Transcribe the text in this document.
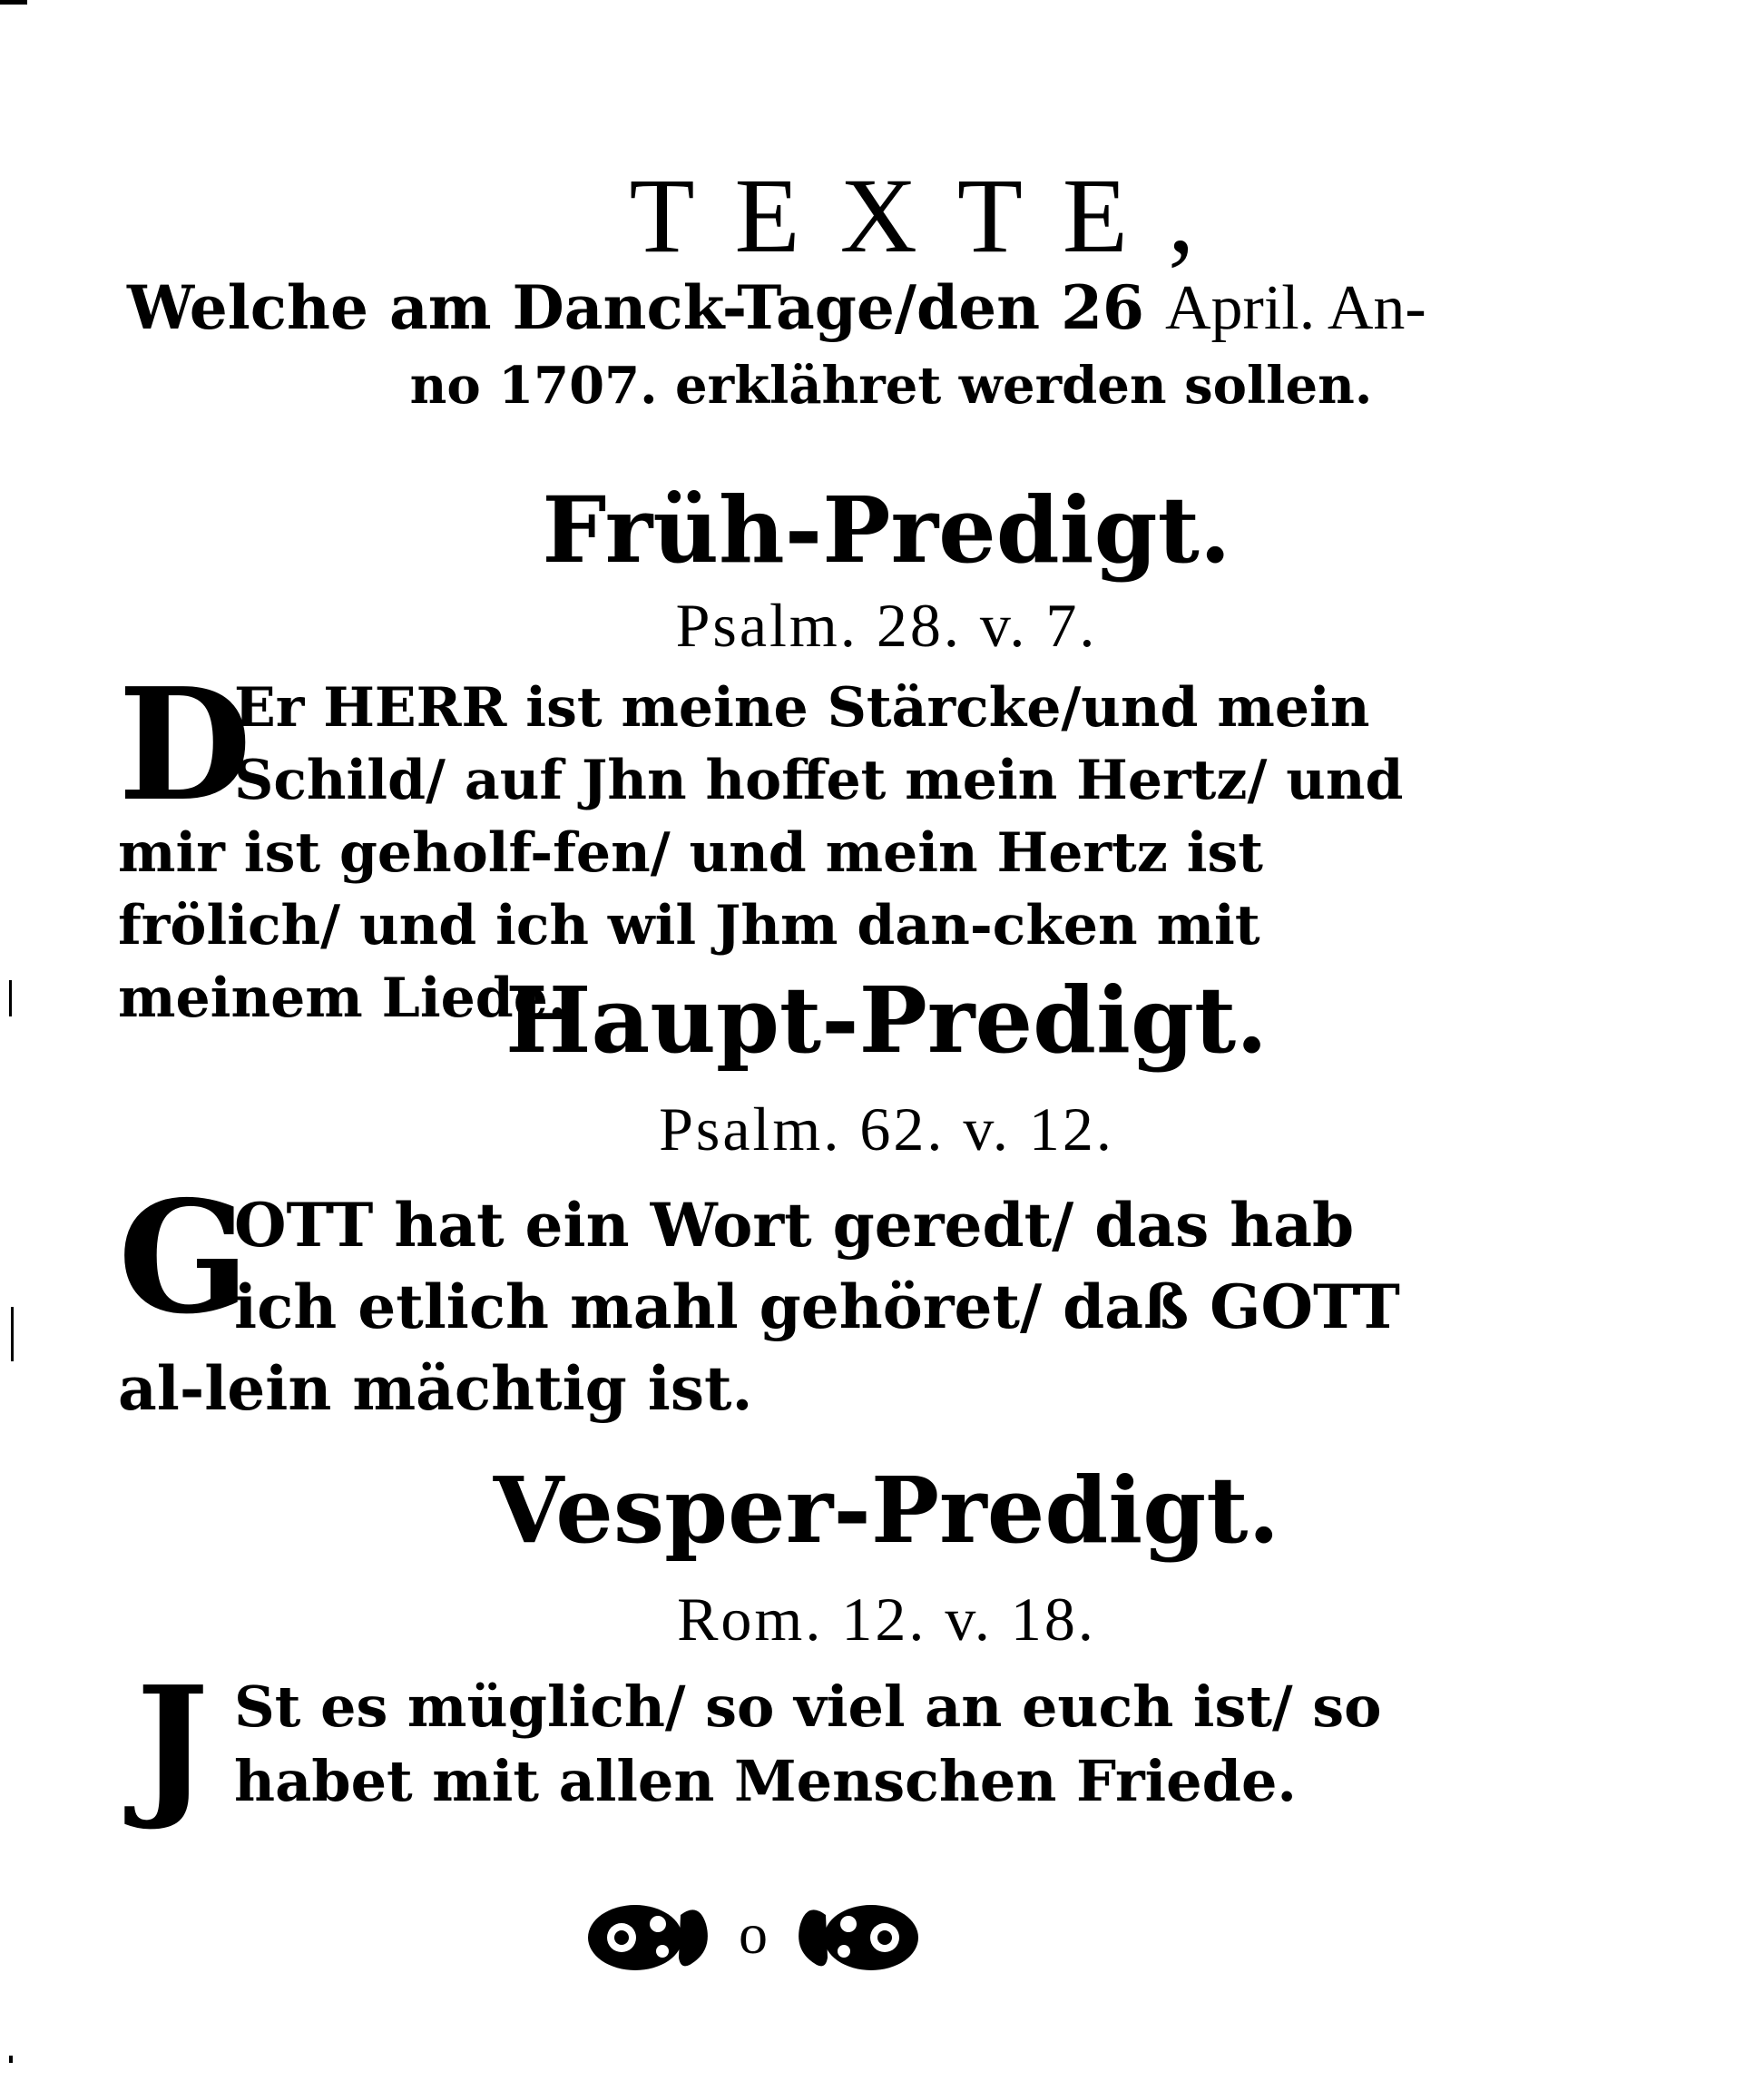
TEXTE,
Welche am Danck-Tage/den 26 April. An-
no 1707. erklähret werden sollen.
Früh-Predigt.
Psalm. 28. v. 7.
D
Er HERR ist meine Stärcke/und mein Schild/ auf Jhn hoffet mein Hertz/ und mir ist geholf-fen/ und mein Hertz ist frölich/ und ich wil Jhm dan-cken mit meinem Liede.
Haupt-Predigt.
Psalm. 62. v. 12.
G
OTT hat ein Wort geredt/ das hab ich etlich mahl gehöret/ daß GOTT al-lein mächtig ist.
Vesper-Predigt.
Rom. 12. v. 18.
J St es müglich/ so viel an euch ist/ so habet mit allen Menschen Friede.
o
